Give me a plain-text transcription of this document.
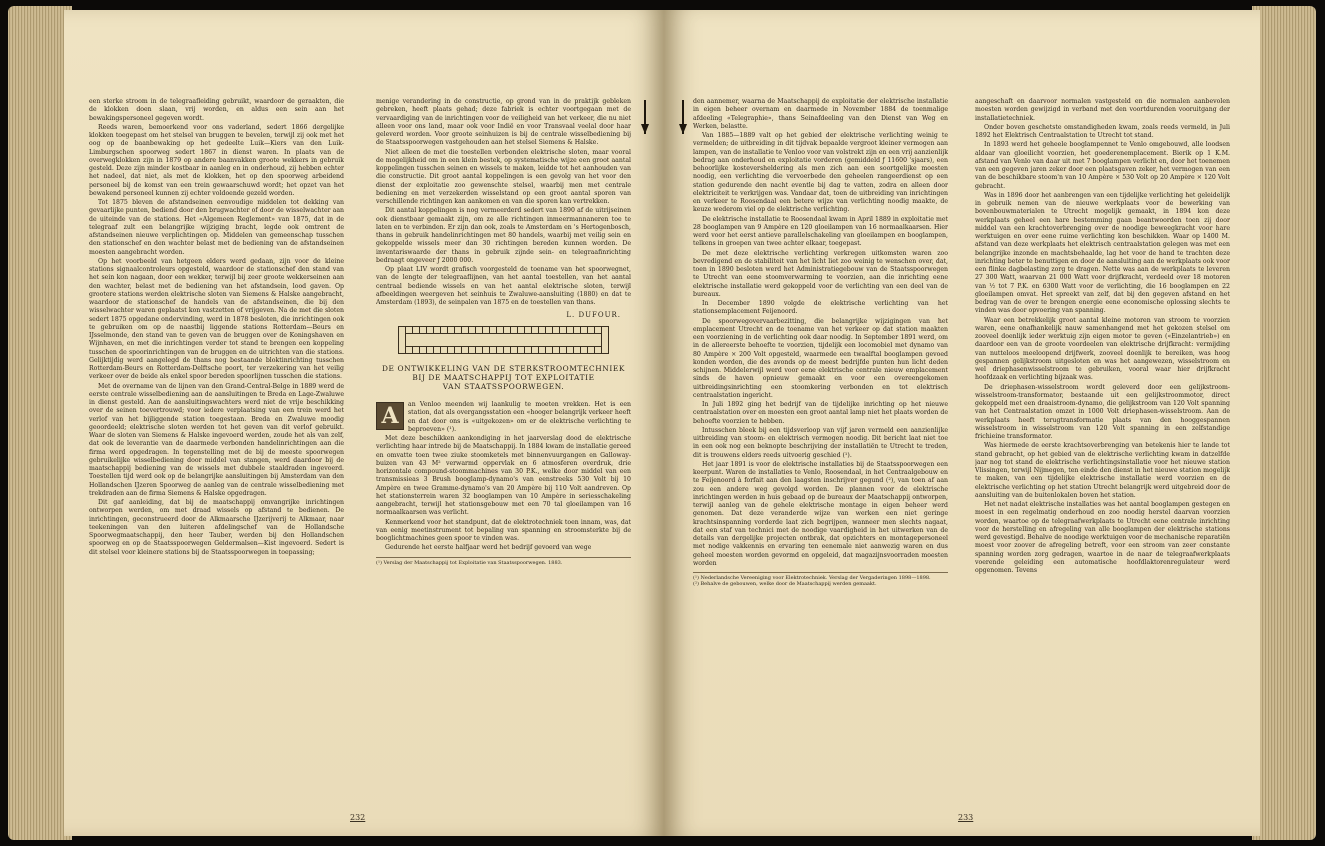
een sterke stroom in de telegraafleiding gebruikt, waardoor de geraakten, die de klokken doen slaan, vrij worden, en aldus een sein aan het bewakingspersoneel gegeven wordt.

Reeds waren, bemoerkend voor ons vaderland, sedert 1866 dergelijke klokken toegepast om het stelsel van bruggen te bevelen, terwijl zij ook met het oog op de baanbewaking op het gedeelte Luik—Kiers van den Luik-Limburgschen spoorweg sedert 1867 in dienst waren. In plaats van de overwegklokken zijn in 1879 op andere baanvakken groote wekkers in gebruik gesteld. Deze zijn minder kostbaar in aanleg en in onderhoud, zij hebben echter het nadeel, dat niet, als met de klokken, het op den spoorweg arbeidend personeel bij de komst van een trein gewaarschuwd wordt; het opzet van het bewakend personeel kunnen zij echter voldoende gezeld worden.

Tot 1875 bleven de afstandseinen eenvoudige middelen tot dekking van gevaarlijke punten, bediend door den brugwachter of door de wisselwachter aan de uiteinde van de stations. Het «Algemeen Reglement» van 1875, dat in de telegraaf zult een belangrijke wijziging bracht, legde ook omtrent de afstandseinen nieuwe verplichtingen op. Middelen van gemeenschap tusschen den stationschef en den wachter belast met de bediening van de afstandseinen moesten aangebracht worden.

Op het voorbeeld van hetgeen elders werd gedaan, zijn voor de kleine stations signaalcontroleurs opgesteld, waardoor de stationschef den stand van het sein kon nagaan, door een wekker, terwijl bij zeer groote wekkerseinen aan den wachter, belast met de bediening van het afstandsein, lood gaven. Op grootere stations werden elektrische sloten van Siemens & Halske aangebracht, waardoor de stationschef de handels van de afstandseinen, die bij den wisselwachter waren geplaatst kon vastzetten of vrijgeven. Na de met die sloten sedert 1875 opgedane ondervinding, werd in 1878 besloten, die inrichtingen ook te gebruiken om op de naastbij liggende stations Rotterdam—Beurs en IJsselmonde, den stand van te geven van de bruggen over de Koningshaven en Wijnhaven, en met die inrichtingen verder tot stand te brengen een koppeling tusschen de spoorinrichtingen van de bruggen en de uitrichten van die stations. Gelijktijdig werd aangelegd de thans nog bestaande bloktinrichting tusschen Rotterdam-Beurs en Rotterdam-Delftsche poort, ter verzekering van het veilig verkeer over de beide als enkel spoor bereden spoorlijnen tusschen die stations.

Met de overname van de lijnen van den Grand-Central-Belge in 1889 werd de eerste centrale wisselbediening aan de aansluitingen te Breda en Lage-Zwaluwe in dienst gesteld. Aan de aansluitingswachters werd niet de vrije beschikking over de seinen toevertrouwd; voor iedere verplaatsing van een trein werd het verlof van het bijliggende station toegestaan. Breda en Zwaluwe moodig geoordeeld; elektrische sloten werden tot het geven van dit verlof gebruikt. Waar de sloten van Siemens & Halske ingevoerd werden, zoude het als van zelf, dat ook de leverantie van de daarmede verbonden handelinrichtingen aan die firma werd opgedragen. In tegenstelling met de bij de meeste spoorwegen gebruikelijke wisselbediening door middel van stangen, werd daardoor bij de maatschappij bediening van de wissels met dubbele staaldraden ingevoerd. Toestellen tijd werd ook op de belangrijke aansluitingen bij Amsterdam van den Hollandschen IJzeren Spoorweg de aanleg van de centrale wisselbediening met trekdraden aan de firma Siemens & Halske opgedragen.

Dit gaf aanleiding, dat bij de maatschappij omvangrijke inrichtingen ontworpen werden, om met draad wissels op afstand te bedienen. De inrichtingen, geconstrueerd door de Alkmaarsche IJzerijverij te Alkmaar, naar teekeningen van den luiteren afdelingschef van de Hollandsche Spoorwegmaatschappij, den heer Tauber, werden bij den Hollandschen spoorweg en op de Staatsspoorwegen Geldermalsen—Kist ingevoerd. Sedert is dit stelsel voor kleinere stations bij de Staatsspoorwegen in toepassing;

menige verandering in de constructie, op grond van in de praktijk gebleken gebreken, heeft plaats gehad; deze fabriek is echter voortgegaan met de vervaardiging van de inrichtingen voor de veiligheid van het verkeer, die nu niet alleen voor ons land, maar ook voor Indië en voor Transvaal veelal door haar geleverd worden. Voor groote seinhuizen is bij de centrale wisselbediening bij de Staatsspoorwegen vastgehouden aan het stelsel Siemens & Halske.

Niet alleen de met die toestellen verbonden elektrische sloten, maar vooral de mogelijkheid om in een klein bestek, op systematische wijze een groot aantal koppelingen tusschen seinen en wissels te maken, leidde tot het aanhouden van die constructie. Dit groot aantal koppelingen is een gevolg van het voor den dienst der exploitatie zoo gewenschte stelsel, waarbij men met centrale bediening en met verzekerden wisselstand op een groot aantal sporen van verschillende richtingen kan aankomen en van die sporen kan vertrekken.

Dit aantal koppelingen is nog vermeerderd sedert van 1890 af de uitrijseinen ook dienstbaar gemaakt zijn, om ze alle richtingen inmeermannaneren toe te laten en te verbinden. Er zijn dan ook, zoals te Amsterdam en 's Hertogenbosch, thans in gebruik handelinrichtingen met 80 handels, waarbij met veilig sein en gekoppelde wissels meer dan 30 richtingen bereden kunnen worden. De inventariswaarde der thans in gebruik zijnde sein- en telegraafinrichting bedraagt ongeveer ƒ 2000 000.

Op plaat LIV wordt grafisch voorgesteld de toename van het spoorwegnet, van de lengte der telegraaflijnen, van het aantal toestellen, van het aantal centraal bediende wissels en van het aantal elektrische sloten, terwijl afbeeldingen weergeven het seinhuis te Zwaluwe-aansluiting (1880) en dat te Amsterdam (1893), de seinpalen van 1875 en de toestellen van thans.

L. DUFOUR.

DE ONTWIKKELING VAN DE STERKSTROOMTECHNIEK
BIJ DE MAATSCHAPPIJ TOT EXPLOITATIE
VAN STAATSSPOORWEGEN.
A	an Venloo meenden wij laankulig te moeten vrekken. Het is een station, dat als overgangsstation een «hooger belangrijk verkeer heeft en dat door ons is «uitgekozen» om er de elektrische verlichting te beproeven» (¹).

Met deze beschikken aankondiging in het jaarverslag dood de elektrische verlichting haar intrede bij de Maatschappij. In 1884 kwam de installatie gereed en omvatte toen twee ziuke stoomketels met binnenvuurgangen en Galloway-buizen van 43 M² verwarmd oppervlak en 6 atmosferen overdruk, drie horizontale compound-stoommachines van 30 P.K., welke door middel van een transmissieas 3 Brush booglamp-dynamo's van eenstreeks 530 Volt bij 10 Ampère en twee Gramme-dynamo's van 20 Ampère bij 110 Volt aandreven. Op het stationsterrein waren 32 booglampen van 10 Ampère in seriesschakeling aangebracht, terwijl het stationsgebouw met een 70 tal gloeilampen van 16 normaalkaarsen was verlicht.

Kenmerkend voor het standpunt, dat de elektrotechniek toen innam, was, dat van eenig meetinstrument tot bepaling van spanning en stroomsterkte bij de booglichtmachines geen spoor te vinden was.

Gedurende het eerste halfjaar werd het bedrijf gevoerd van wege

(¹) Verslag der Maatschappij tot Exploitatie van Staatsspoorwegen. 1883.
232

den aannemer, waarna de Maatschappij de exploitatie der elektrische installatie in eigen beheer overnam en daarmede in November 1884 de toenmalige afdeeling «Telegraphie», thans Seinafdeeling van den Dienst van Weg en Werken, belastte.

Van 1885—1889 valt op het gebied der elektrische verlichting weinig te vermelden; de uitbreiding in dit tijdvak bepaalde vergroot kleiner vermogen aan lampen, van de installatie te Venloo voor van volstrekt zijn en een vrij aanzienlijk bedrag aan onderhoud en exploitatie vorderen (gemiddeld ƒ 11600 'sjaars), een behoorlijke kosteversheldering als men zich aan een soortgelijke moesten noodig, een verlichting die vervoerbede den geheelen rangeerdienst op een station gedurende den nacht eventle bij dag te vatten, zodra en alleen door elektriciteit te verkrijgen was. Vandaar dat, toen de uitbreiding van inrichtingen en verkeer te Roosendaal een betere wijze van verlichting noodig maakte, de keuze wederom viel op de elektrische verlichting.

De elektrische installatie te Roosendaal kwam in April 1889 in exploitatie met 28 booglampen van 9 Ampère en 120 gloeilampen van 16 normaalkaarsen. Hier werd voor het eerst antieve parallelschakeling van gloeilampen en booglampen, telkens in groepen van twee achter elkaar, toegepast.

De met deze elektrische verlichting verkregen uitkomsten waren zoo bevredigend en de stabiliteit van het licht liet zoo weinig te wenschen over, dat, toen in 1890 besloten werd het Administratiegebouw van de Staatsspoorwegen te Utrecht van eene stoomverwarming te voorzien, aan die inrichting eene elektrische installatie werd gekoppeld voor de verlichting van een deel van de bureaux.

In December 1890 volgde de elektrische verlichting van het stationsemplacement Feijenoord.

De spoorwegovervaarbezitting, die belangrijke wijzigingen van het emplacement Utrecht en de toename van het verkeer op dat station maakten een voorziening in de verlichting ook daar noodig. In September 1891 werd, om in de allereerste behoefte te voorzien, tijdelijk een locomobiel met dynamo van 80 Ampère × 200 Volt opgesteld, waarmede een twaalftal booglampen gevoed konden worden, die des avonds op de meest bedrijfde punten hun licht deden schijnen. Middelerwijl werd voor eene elektrische centrale nieuw emplacement sinds de haven opnieuw gemaakt en voor een overeengekomen uitbreidingsinrichting een stoomkering verbonden en tot elektrisch centraalstation ingericht.

In Juli 1892 ging het bedrijf van de tijdelijke inrichting op het nieuwe centraalstation over en moesten een groot aantal lamp niet het plaats worden de behoefte voorzien te hebben.

Intusschen bleek bij een tijdsverloop van vijf jaren vermeld een aanzienlijke uitbreiding van stoom- en elektrisch vermogen noodig. Dit bericht laat niet toe in een ook nog een beknopte beschrijving der installatiën te Utrecht te treden, dit is trouwens elders reeds uitvoerig geschied (¹).

Het jaar 1891 is voor de elektrische installaties bij de Staatsspoorwegen een keerpunt. Waren de installaties te Venlo, Roosendaal, in het Centraalgebouw en te Feijenoord à forfait aan den laagsten inschrijver gegund (²), van toen af aan zou een andere weg gevolgd worden. De plannen voor de elektrische inrichtingen werden in huis gebaad op de bureaux der Maatschappij ontworpen, terwijl aanleg van de gehele elektrische montage in eigen beheer werd genomen. Dat deze veranderde wijze van werken een niet geringe krachtsinspanning vorderde laat zich begrijpen, wanneer men slechts nagaat, dat een staf van technici met de noodige vaardigheid in het uitwerken van de details van dergelijke projecten ontbrak, dat opzichters en montagepersoneel met nodige vakkennis en ervaring ten eenemale niet aanwezig waren en dus geheel moesten worden gevormd en opgeleid, dat magazijnsvoorraden moesten worden

(¹) Nederlandsche Vereeniging voor Elektrotechniek. Verslag der Vergaderingen 1898—1898.
(²) Behalve de gebouwen, welke door de Maatschappij werden gemaakt.

aangeschaft en daarvoor normalen vastgesteld en die normalen aanbevolen moesten worden gewijzigd in verband met den voortdurenden vooruitgang der installatietechniek.

Onder boven geschetste omstandigheden kwam, zoals reeds vermeld, in Juli 1892 het Elektrisch Centraalstation te Utrecht tot stand.

In 1893 werd het geheele booglampennet te Venlo omgebouwd, alle loodsen aldaar van gloeilicht voorzien, het goederenemplacement. Bierik op 1 K.M. afstand van Venlo van daar uit met 7 booglampen verlicht en, door het toenemen van een gegeven jaren zeker door een plaatsgaven zeker, het vermogen van een van de beschikbare stoom'n van 10 Ampère × 530 Volt op 20 Ampère × 120 Volt gebracht.

Was in 1896 door het aanbrengen van een tijdelijke verlichting het geleidelijk in gebruik nemen van de nieuwe werkplaats voor de bewerking van bovenbouwmaterialen te Utrecht mogelijk gemaakt, in 1894 kon deze werkplaats geheel een hare bestemming gaan beantwoorden toen zij door middel van een krachtoverbrenging over de noodige beweegkracht voor hare werktuigen en over eene ruime verlichting kon beschikken. Waar op 1400 M. afstand van deze werkplaats het elektrisch centraalstation gelegen was met een belangrijke inzonde en machtsbehaalde, lag het voor de hand te trachten deze inrichting beter te benuttigen en door de aansluiting aan de werkplaats ook voor een flinke dagbelasting zorg te dragen. Nette was aan de werkplaats te leveren 27 300 Watt, waarvan 21 000 Watt voor drijfkracht, verdeeld over 18 motoren van ½ tot 7 P.K. en 6300 Watt voor de verlichting, die 16 booglampen en 22 gloeilampen omvat. Het spreekt van zelf, dat bij den gegeven afstand en het bedrag van de over te brengen energie eene economische oplossing slechts te vinden was door opvoering van spanning.

Waar een betrekkelijk groot aantal kleine motoren van stroom te voorzien waren, eene onafhankelijk nauw samenhangend met het gekozen stelsel om zooveel doenlijk ieder werktuig zijn eigen motor te geven («Einzelantrieb») en daardoor een van de groote voordeelen van elektrische drijfkracht: vermijding van nutteloos meeloopend drijfwerk, zooveel doenlijk te bereiken, was hoog gespannen gelijkstroom uitgesloten en was het aangewezen, wisselstroom en wel driephasenwisselstroom te gebruiken, vooral waar hier drijfkracht hoofdzaak en verlichting bijzaak was.

De driephasen-wisselstroom wordt geleverd door een gelijkstroom-wisselstroom-transformator, bestaande uit een gelijkstroommotor, direct gekoppeld met een draaistroom-dynamo, die gelijkstroom van 120 Volt spanning van het Centraalstation omzet in 1000 Volt driephasen-wisselstroom. Aan de werkplaats heeft terugtransformatie plaats van den hooggespannen wisselstroom in wisselstroom van 120 Volt spanning in een zelfstandige frichieine transformator.

Was hiermede de eerste krachtsoverbrenging van betekenis hier te lande tot stand gebracht, op het gebied van de elektrische verlichting kwam in datzelfde jaar nog tot stand de elektrische verlichtingsinstallatie voor het nieuwe station Vlissingen, terwijl Nijmegen, ten einde den dienst in het nieuwe station mogelijk te maken, van een tijdelijke elektrische installatie werd voorzien en de elektrische verlichting op het station Utrecht belangrijk werd uitgebreid door de aansluiting van de buitenlokalen boven het station.

Het net nadat elektrische installaties was het aantal booglampen gestegen en moest in een regelmatig onderhoud en zoo noodig herstel daarvan voorzien worden, waartoe op de telegraafwerkplaats te Utrecht eene centrale inrichting voor de herstelling en afregeling van alle booglampen der elektrische stations werd gevestigd. Behalve de noodige werktuigen voor de mechanische reparatiën moest voor zoover de afregeling betreft, voor een stroom van zeer constante spanning worden zorg gedragen, waartoe in de naar de telegraafwerkplaats voerende geleiding een automatische hoofdlaktorenregulateur werd opgenomen. Tevens

233
